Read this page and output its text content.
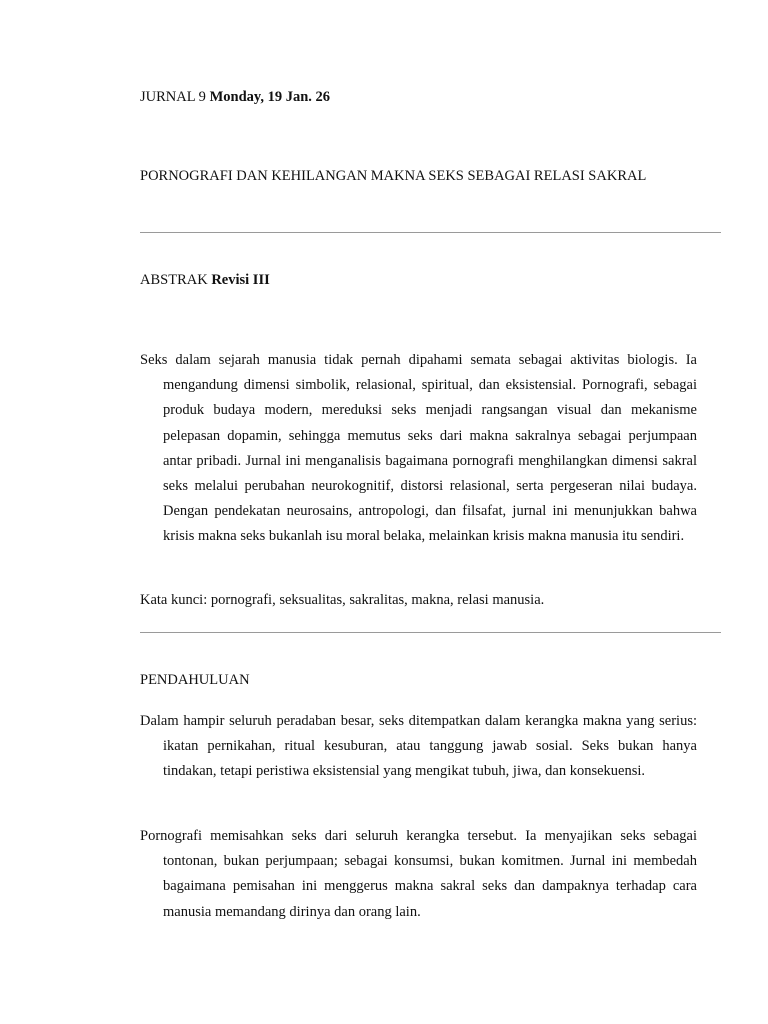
JURNAL 9 Monday, 19 Jan. 26
PORNOGRAFI DAN KEHILANGAN MAKNA SEKS SEBAGAI RELASI SAKRAL
ABSTRAK Revisi III
Seks dalam sejarah manusia tidak pernah dipahami semata sebagai aktivitas biologis. Ia mengandung dimensi simbolik, relasional, spiritual, dan eksistensial. Pornografi, sebagai produk budaya modern, mereduksi seks menjadi rangsangan visual dan mekanisme pelepasan dopamin, sehingga memutus seks dari makna sakralnya sebagai perjumpaan antar pribadi. Jurnal ini menganalisis bagaimana pornografi menghilangkan dimensi sakral seks melalui perubahan neurokognitif, distorsi relasional, serta pergeseran nilai budaya. Dengan pendekatan neurosains, antropologi, dan filsafat, jurnal ini menunjukkan bahwa krisis makna seks bukanlah isu moral belaka, melainkan krisis makna manusia itu sendiri.
Kata kunci: pornografi, seksualitas, sakralitas, makna, relasi manusia.
PENDAHULUAN
Dalam hampir seluruh peradaban besar, seks ditempatkan dalam kerangka makna yang serius: ikatan pernikahan, ritual kesuburan, atau tanggung jawab sosial. Seks bukan hanya tindakan, tetapi peristiwa eksistensial yang mengikat tubuh, jiwa, dan konsekuensi.
Pornografi memisahkan seks dari seluruh kerangka tersebut. Ia menyajikan seks sebagai tontonan, bukan perjumpaan; sebagai konsumsi, bukan komitmen. Jurnal ini membedah bagaimana pemisahan ini menggerus makna sakral seks dan dampaknya terhadap cara manusia memandang dirinya dan orang lain.
